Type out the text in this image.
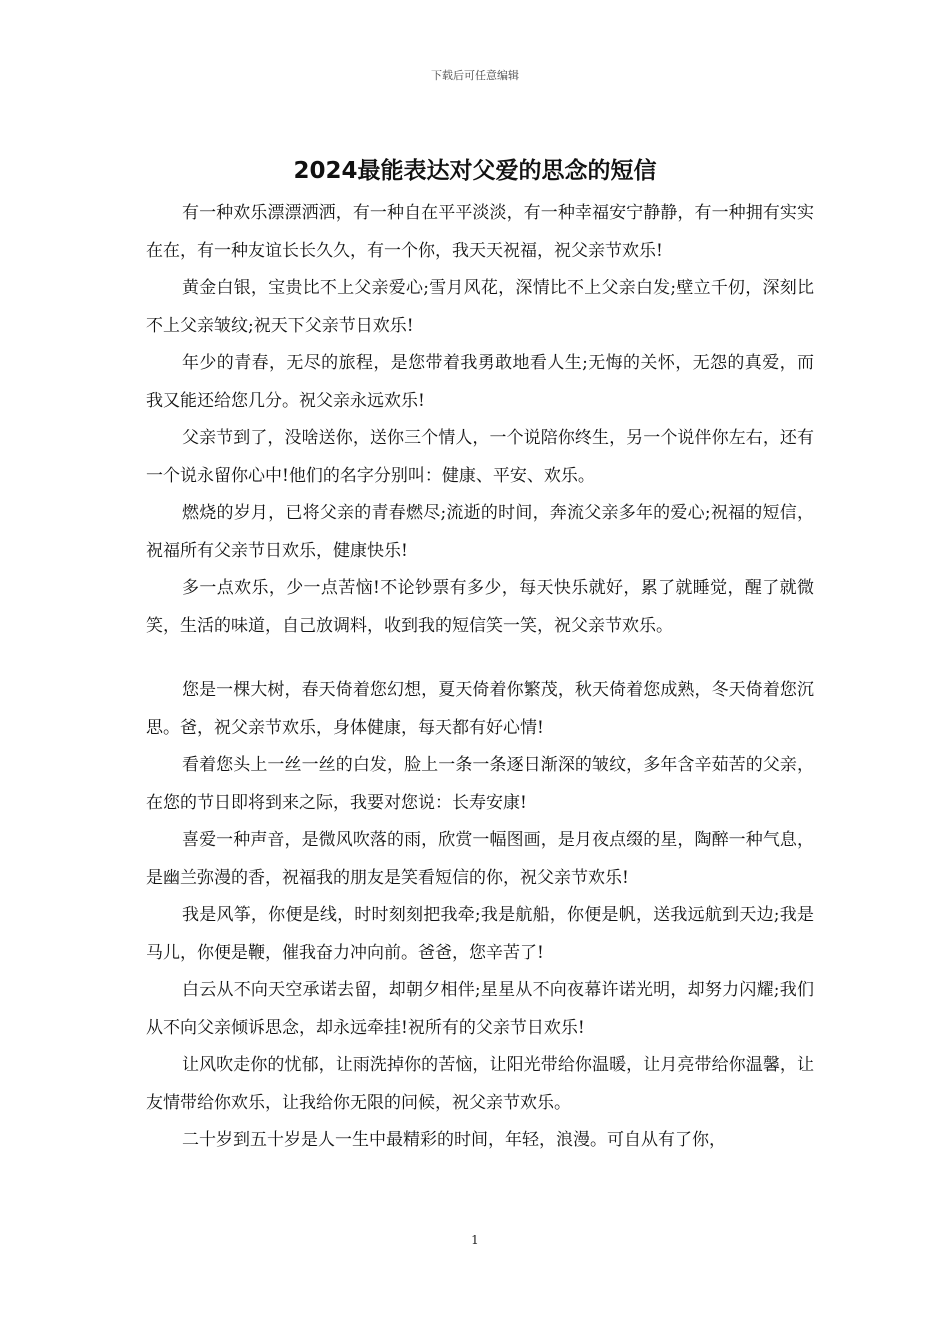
下载后可任意编辑
2024最能表达对父爱的思念的短信

有一种欢乐漂漂洒洒，有一种自在平平淡淡，有一种幸福安宁静静，有一种拥有实实在在，有一种友谊长长久久，有一个你，我天天祝福，祝父亲节欢乐!

黄金白银，宝贵比不上父亲爱心;雪月风花，深情比不上父亲白发;壁立千仞，深刻比不上父亲皱纹;祝天下父亲节日欢乐!

年少的青春，无尽的旅程，是您带着我勇敢地看人生;无悔的关怀，无怨的真爱，而我又能还给您几分。祝父亲永远欢乐!

父亲节到了，没啥送你，送你三个情人，一个说陪你终生，另一个说伴你左右，还有一个说永留你心中!他们的名字分别叫：健康、平安、欢乐。

燃烧的岁月，已将父亲的青春燃尽;流逝的时间，奔流父亲多年的爱心;祝福的短信，祝福所有父亲节日欢乐，健康快乐!

多一点欢乐，少一点苦恼!不论钞票有多少，每天快乐就好，累了就睡觉，醒了就微笑，生活的味道，自己放调料，收到我的短信笑一笑，祝父亲节欢乐。

您是一棵大树，春天倚着您幻想，夏天倚着你繁茂，秋天倚着您成熟，冬天倚着您沉思。爸，祝父亲节欢乐，身体健康，每天都有好心情!

看着您头上一丝一丝的白发，脸上一条一条逐日渐深的皱纹，多年含辛茹苦的父亲，在您的节日即将到来之际，我要对您说：长寿安康!

喜爱一种声音，是微风吹落的雨，欣赏一幅图画，是月夜点缀的星，陶醉一种气息，是幽兰弥漫的香，祝福我的朋友是笑看短信的你，祝父亲节欢乐!

我是风筝，你便是线，时时刻刻把我牵;我是航船，你便是帆，送我远航到天边;我是马儿，你便是鞭，催我奋力冲向前。爸爸，您辛苦了!

白云从不向天空承诺去留，却朝夕相伴;星星从不向夜幕许诺光明，却努力闪耀;我们从不向父亲倾诉思念，却永远牵挂!祝所有的父亲节日欢乐!

让风吹走你的忧郁，让雨洗掉你的苦恼，让阳光带给你温暖，让月亮带给你温馨，让友情带给你欢乐，让我给你无限的问候，祝父亲节欢乐。

二十岁到五十岁是人一生中最精彩的时间，年轻，浪漫。可自从有了你，

1
